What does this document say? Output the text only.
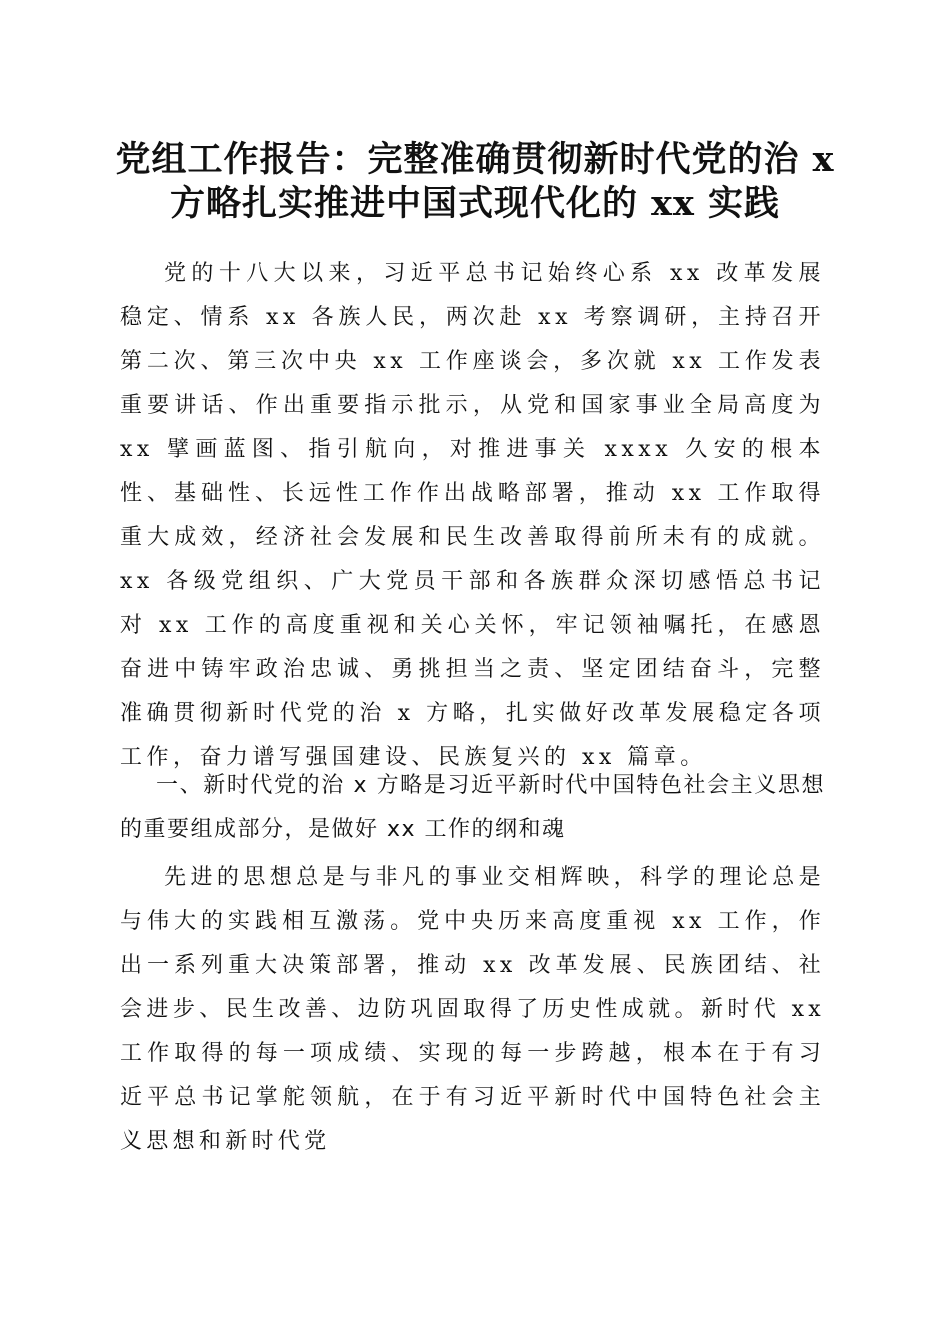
党组工作报告：完整准确贯彻新时代党的治 x
方略扎实推进中国式现代化的 xx 实践

党的十八大以来，习近平总书记始终心系 xx 改革发展稳定、情系 xx 各族人民，两次赴 xx 考察调研，主持召开第二次、第三次中央 xx 工作座谈会，多次就 xx 工作发表重要讲话、作出重要指示批示，从党和国家事业全局高度为 xx 擘画蓝图、指引航向，对推进事关 xxxx 久安的根本性、基础性、长远性工作作出战略部署，推动 xx 工作取得重大成效，经济社会发展和民生改善取得前所未有的成就。xx 各级党组织、广大党员干部和各族群众深切感悟总书记对 xx 工作的高度重视和关心关怀，牢记领袖嘱托，在感恩奋进中铸牢政治忠诚、勇挑担当之责、坚定团结奋斗，完整准确贯彻新时代党的治 x 方略，扎实做好改革发展稳定各项工作，奋力谱写强国建设、民族复兴的 xx 篇章。

一、新时代党的治 x 方略是习近平新时代中国特色社会主义思想的重要组成部分，是做好 xx 工作的纲和魂

先进的思想总是与非凡的事业交相辉映，科学的理论总是与伟大的实践相互激荡。党中央历来高度重视 xx 工作，作出一系列重大决策部署，推动 xx 改革发展、民族团结、社会进步、民生改善、边防巩固取得了历史性成就。新时代 xx 工作取得的每一项成绩、实现的每一步跨越，根本在于有习近平总书记掌舵领航，在于有习近平新时代中国特色社会主义思想和新时代党
